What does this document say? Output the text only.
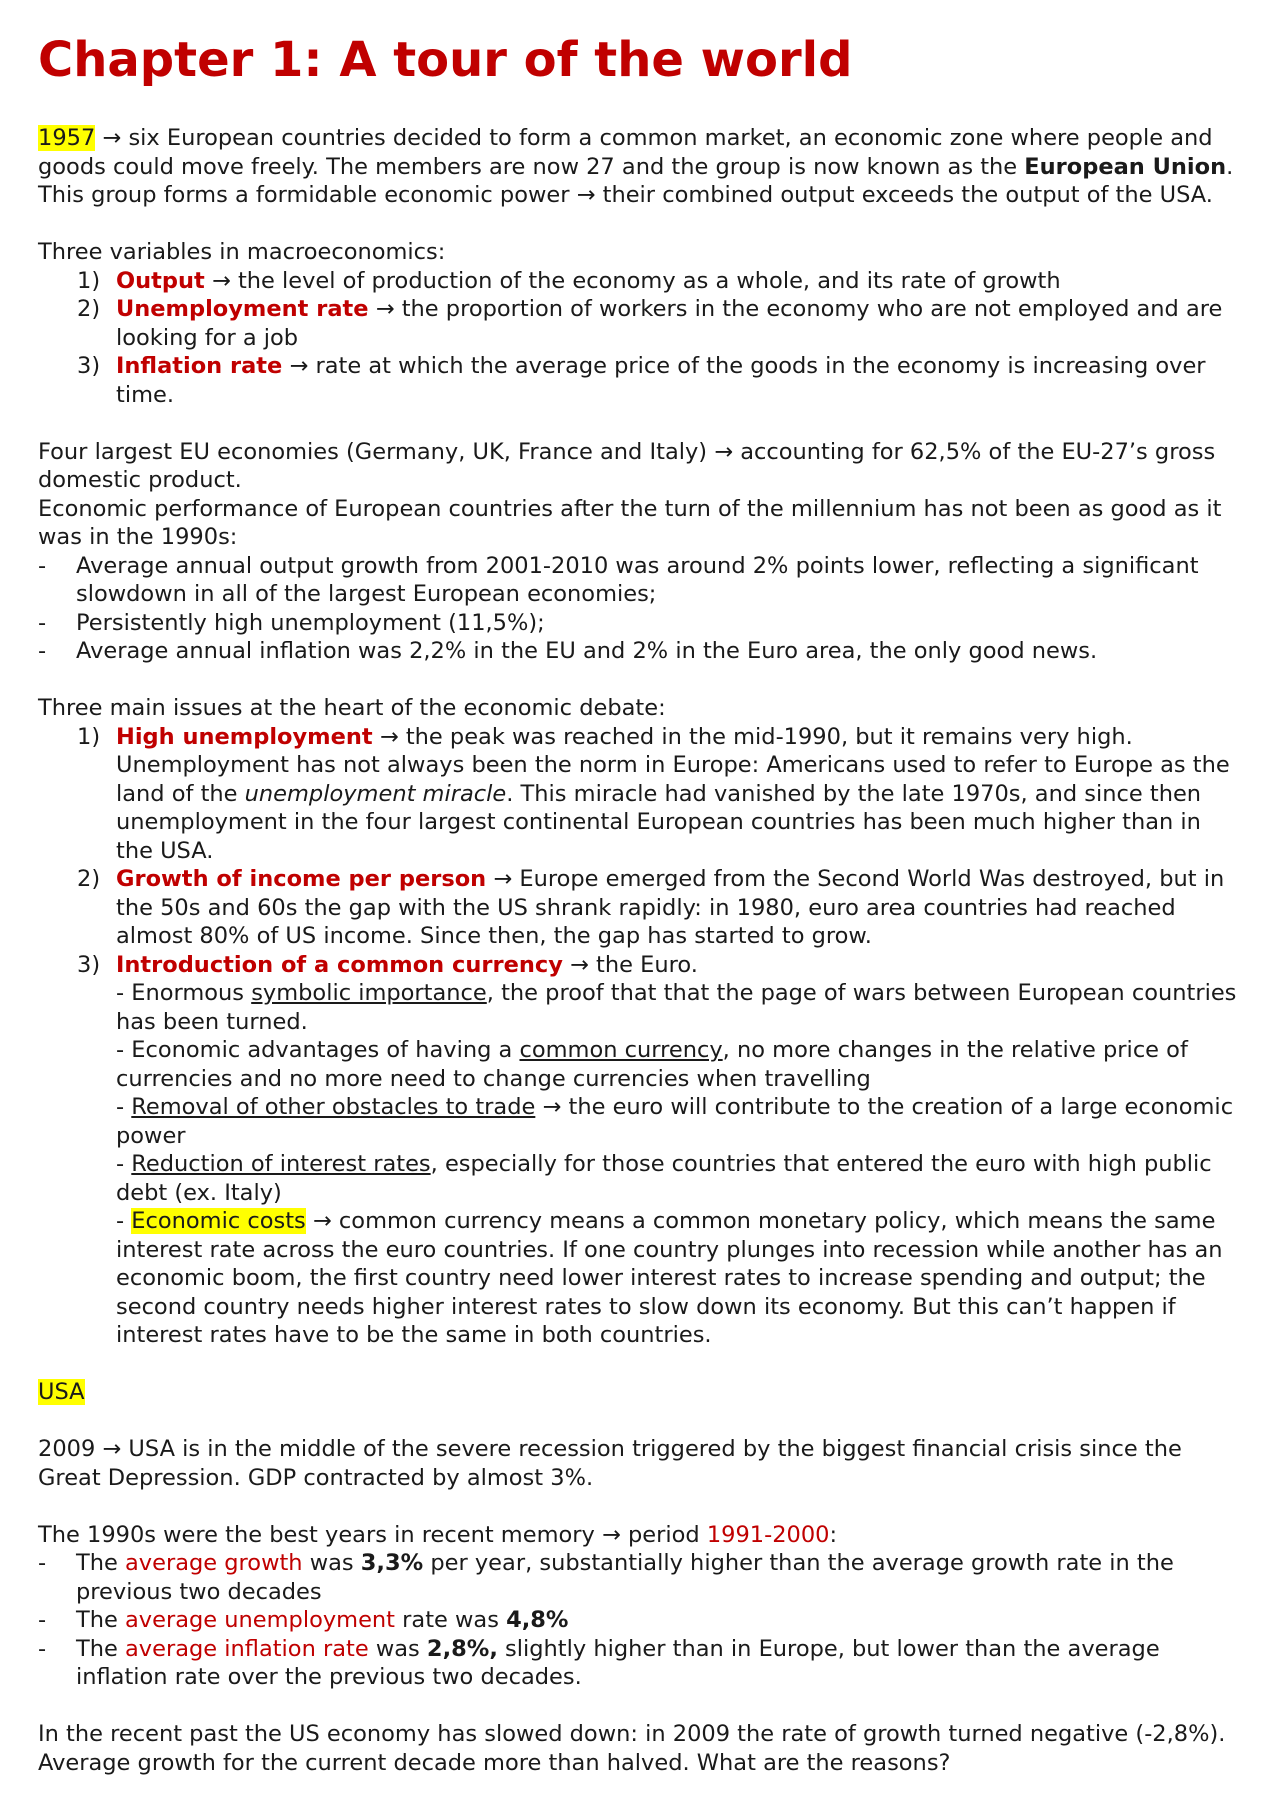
Chapter 1: A tour of the world

1957 → six European countries decided to form a common market, an economic zone where people and goods could move freely. The members are now 27 and the group is now known as the European Union.
This group forms a formidable economic power → their combined output exceeds the output of the USA.

Three variables in macroeconomics:

1) Output → the level of production of the economy as a whole, and its rate of growth
2) Unemployment rate → the proportion of workers in the economy who are not employed and are looking for a job
3) Inflation rate → rate at which the average price of the goods in the economy is increasing over time.

Four largest EU economies (Germany, UK, France and Italy) → accounting for 62,5% of the EU-27’s gross domestic product.
Economic performance of European countries after the turn of the millennium has not been as good as it was in the 1990s:

- Average annual output growth from 2001-2010 was around 2% points lower, reflecting a significant slowdown in all of the largest European economies;
- Persistently high unemployment (11,5%);
- Average annual inflation was 2,2% in the EU and 2% in the Euro area, the only good news.

Three main issues at the heart of the economic debate:

1) High unemployment → the peak was reached in the mid-1990, but it remains very high. Unemployment has not always been the norm in Europe: Americans used to refer to Europe as the land of the unemployment miracle. This miracle had vanished by the late 1970s, and since then unemployment in the four largest continental European countries has been much higher than in the USA.
2) Growth of income per person → Europe emerged from the Second World Was destroyed, but in the 50s and 60s the gap with the US shrank rapidly: in 1980, euro area countries had reached almost 80% of US income. Since then, the gap has started to grow.
3) Introduction of a common currency → the Euro.
- Enormous symbolic importance, the proof that that the page of wars between European countries has been turned.
- Economic advantages of having a common currency, no more changes in the relative price of currencies and no more need to change currencies when travelling
- Removal of other obstacles to trade → the euro will contribute to the creation of a large economic power
- Reduction of interest rates, especially for those countries that entered the euro with high public debt (ex. Italy)
- Economic costs → common currency means a common monetary policy, which means the same interest rate across the euro countries. If one country plunges into recession while another has an economic boom, the first country need lower interest rates to increase spending and output; the second country needs higher interest rates to slow down its economy. But this can’t happen if interest rates have to be the same in both countries.

USA

2009 → USA is in the middle of the severe recession triggered by the biggest financial crisis since the Great Depression. GDP contracted by almost 3%.

The 1990s were the best years in recent memory → period 1991-2000:

- The average growth was 3,3% per year, substantially higher than the average growth rate in the previous two decades
- The average unemployment rate was 4,8%
- The average inflation rate was 2,8%, slightly higher than in Europe, but lower than the average inflation rate over the previous two decades.

In the recent past the US economy has slowed down: in 2009 the rate of growth turned negative (-2,8%).
Average growth for the current decade more than halved. What are the reasons?
